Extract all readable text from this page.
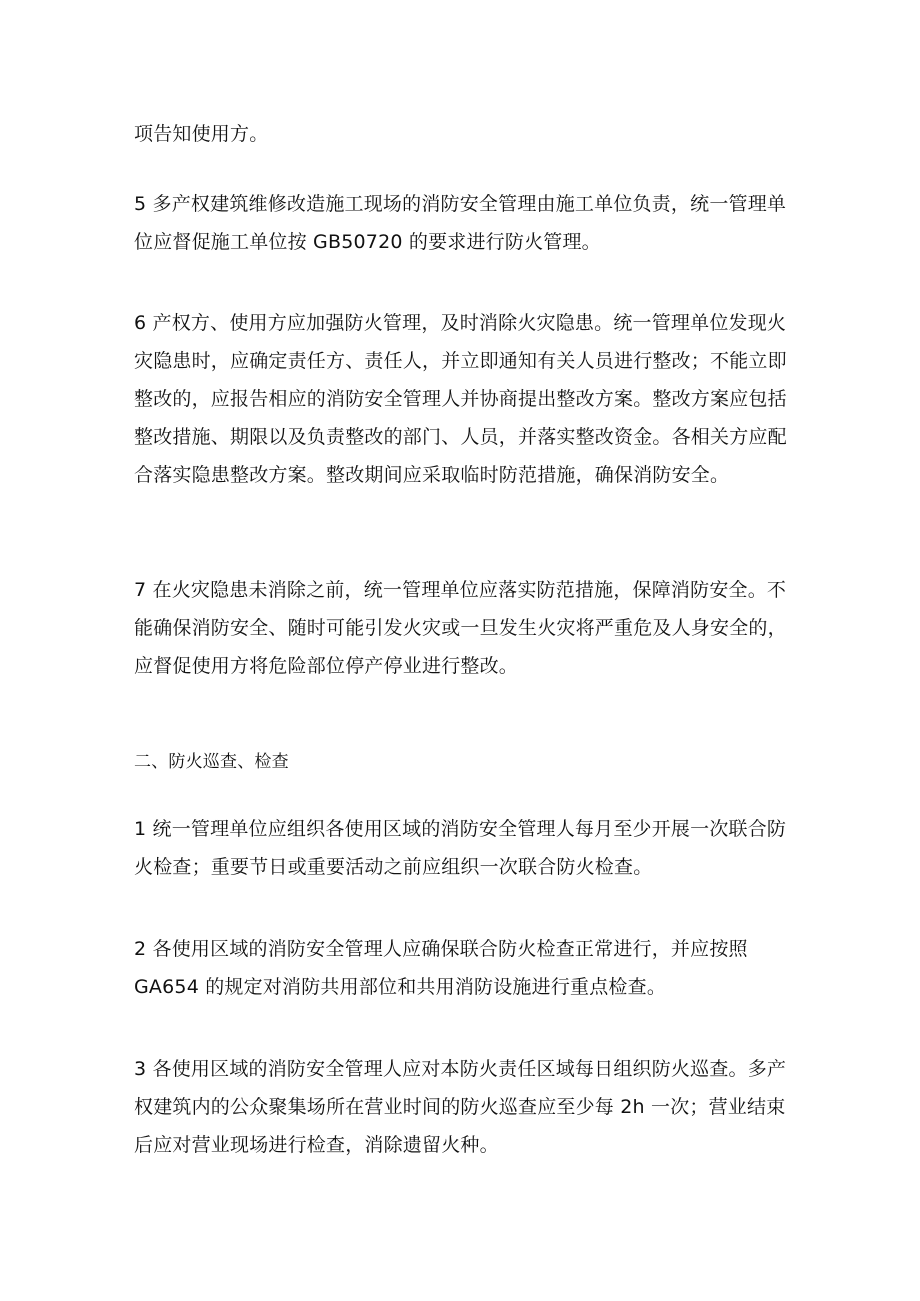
项告知使用方。

5 多产权建筑维修改造施工现场的消防安全管理由施工单位负责，统一管理单位应督促施工单位按 GB50720 的要求进行防火管理。

6 产权方、使用方应加强防火管理，及时消除火灾隐患。统一管理单位发现火灾隐患时，应确定责任方、责任人，并立即通知有关人员进行整改；不能立即整改的，应报告相应的消防安全管理人并协商提出整改方案。整改方案应包括整改措施、期限以及负责整改的部门、人员，并落实整改资金。各相关方应配合落实隐患整改方案。整改期间应采取临时防范措施，确保消防安全。

7 在火灾隐患未消除之前，统一管理单位应落实防范措施，保障消防安全。不能确保消防安全、随时可能引发火灾或一旦发生火灾将严重危及人身安全的，应督促使用方将危险部位停产停业进行整改。

二、防火巡查、检查

1 统一管理单位应组织各使用区域的消防安全管理人每月至少开展一次联合防火检查；重要节日或重要活动之前应组织一次联合防火检查。

2 各使用区域的消防安全管理人应确保联合防火检查正常进行，并应按照 GA654 的规定对消防共用部位和共用消防设施进行重点检查。

3 各使用区域的消防安全管理人应对本防火责任区域每日组织防火巡查。多产权建筑内的公众聚集场所在营业时间的防火巡查应至少每 2h 一次；营业结束后应对营业现场进行检查，消除遗留火种。
